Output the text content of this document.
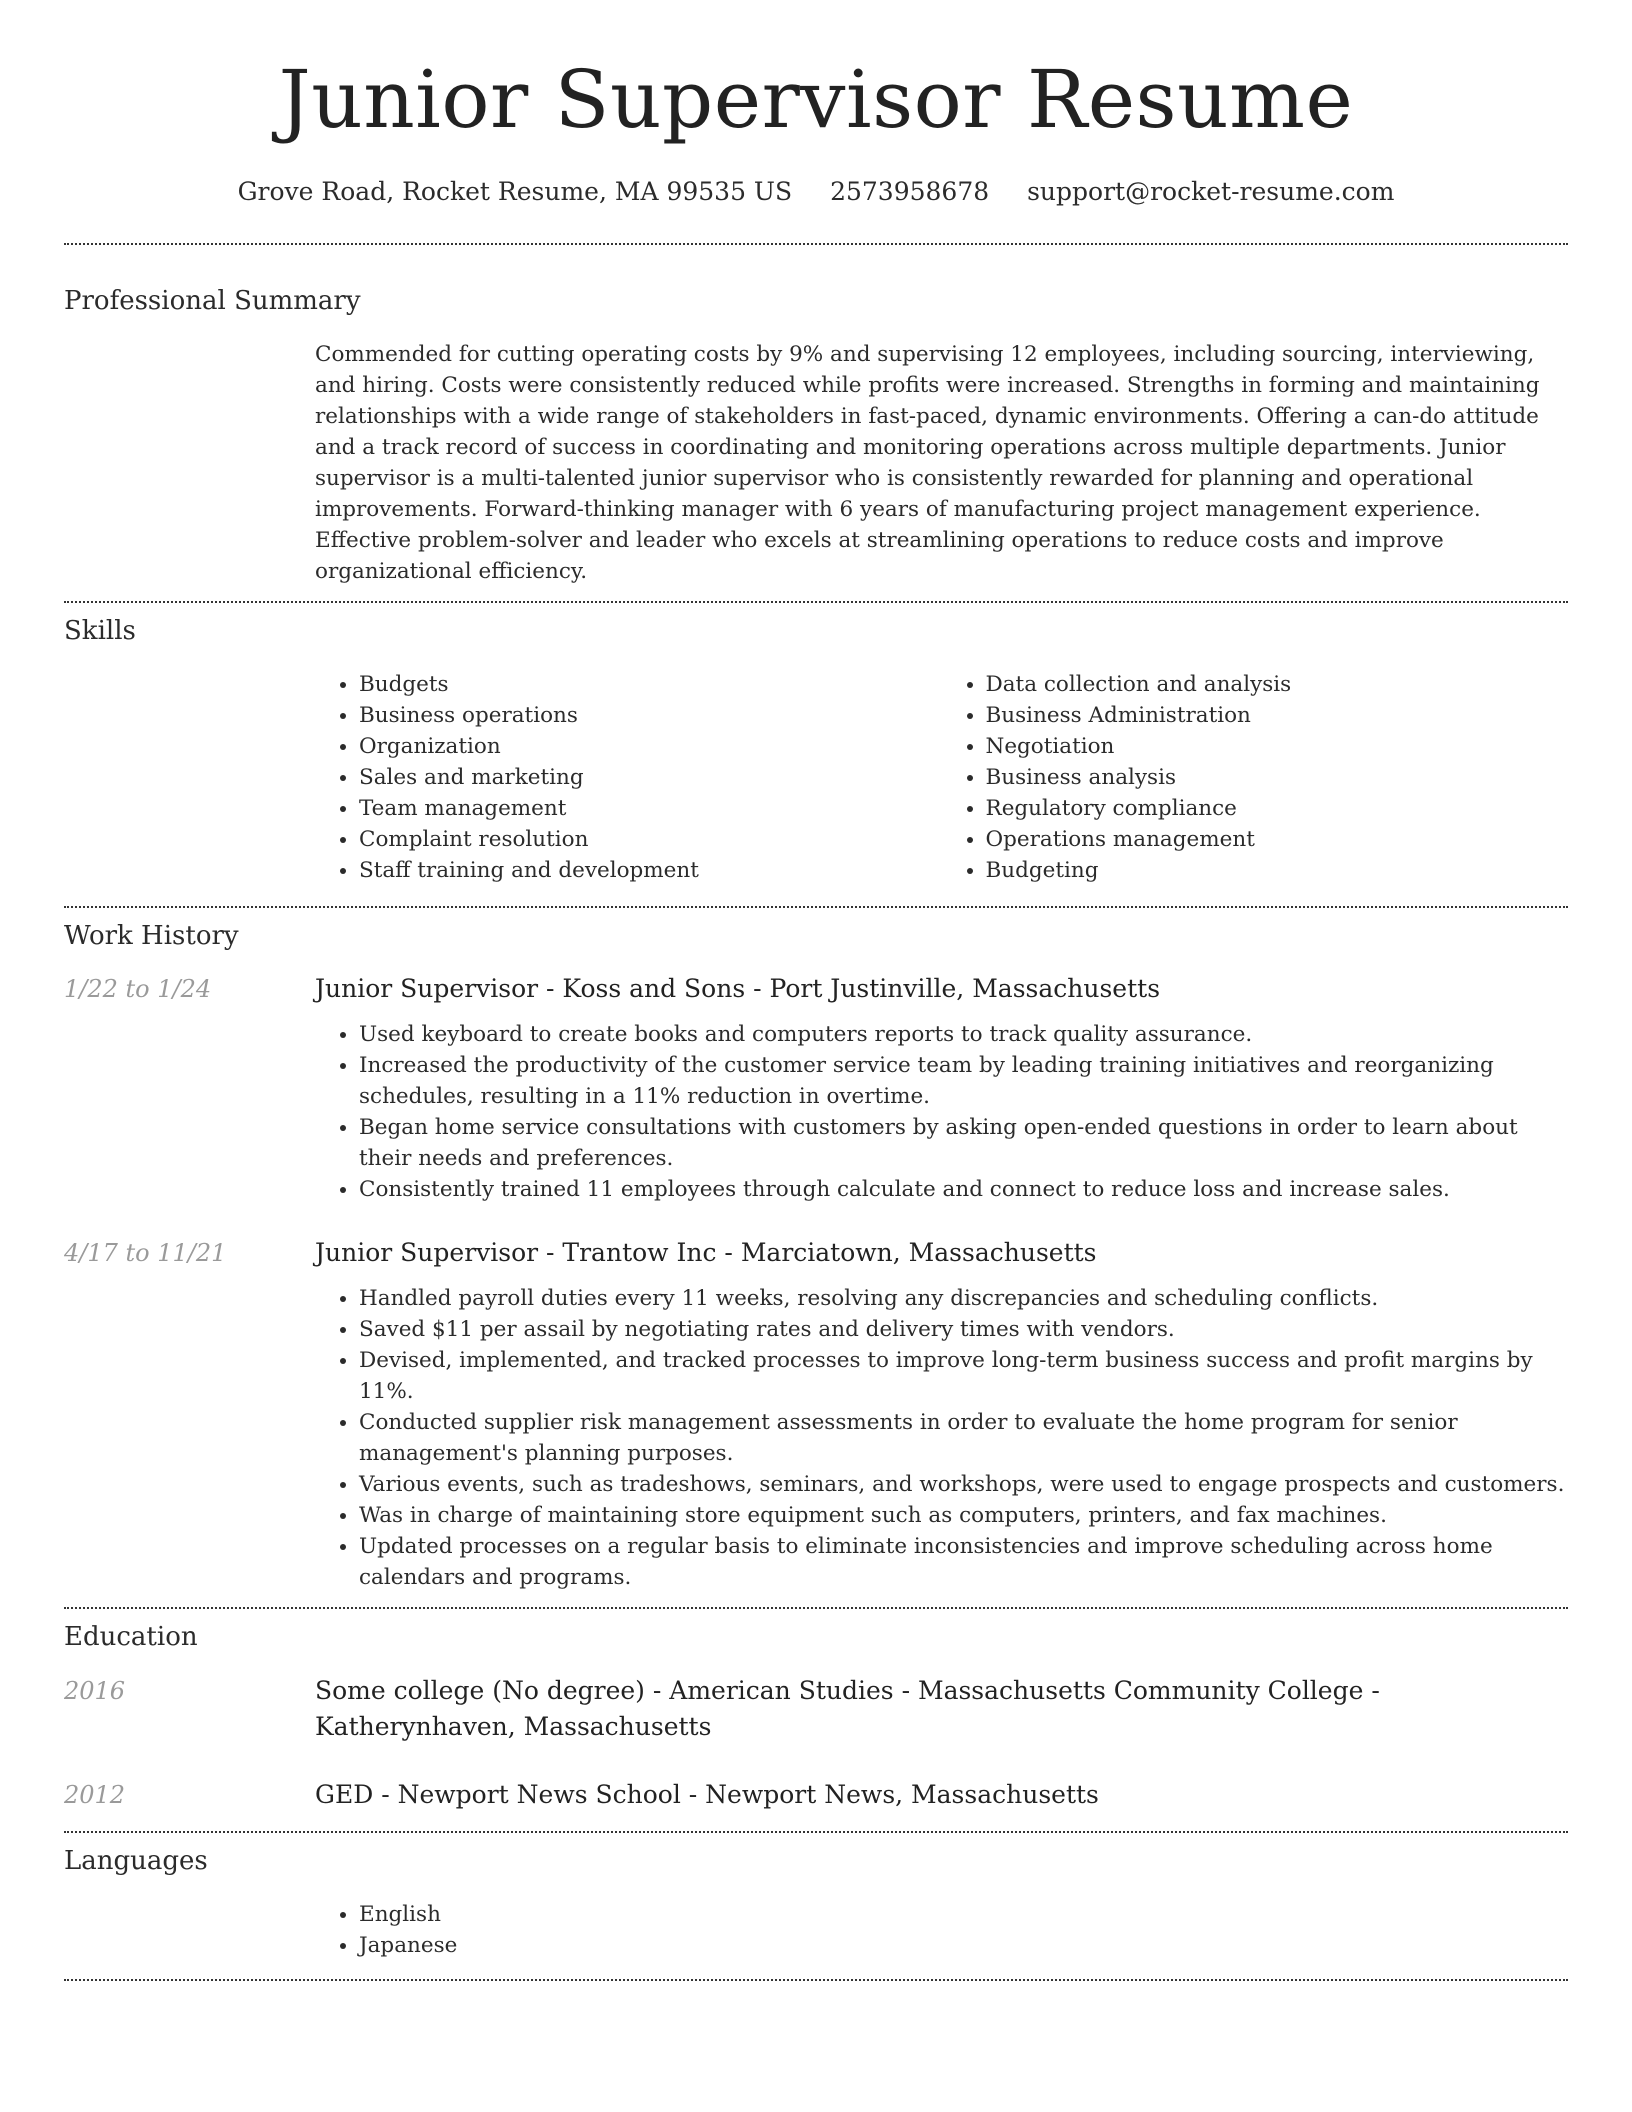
Junior Supervisor Resume
Grove Road, Rocket Resume, MA 99535 US 2573958678 support@rocket-resume.com
Professional Summary

Commended for cutting operating costs by 9% and supervising 12 employees, including sourcing, interviewing, and hiring. Costs were consistently reduced while profits were increased. Strengths in forming and maintaining relationships with a wide range of stakeholders in fast-paced, dynamic environments. Offering a can-do attitude and a track record of success in coordinating and monitoring operations across multiple departments. Junior supervisor is a multi-talented junior supervisor who is consistently rewarded for planning and operational improvements. Forward-thinking manager with 6 years of manufacturing project management experience. Effective problem-solver and leader who excels at streamlining operations to reduce costs and improve organizational efficiency.

Skills
• Budgets
• Business operations
• Organization
• Sales and marketing
• Team management
• Complaint resolution
• Staff training and development
• Data collection and analysis
• Business Administration
• Negotiation
• Business analysis
• Regulatory compliance
• Operations management
• Budgeting
Work History
1/22 to 1/24	Junior Supervisor - Koss and Sons - Port Justinville, Massachusetts
• Used keyboard to create books and computers reports to track quality assurance.
• Increased the productivity of the customer service team by leading training initiatives and reorganizing schedules, resulting in a 11% reduction in overtime.
• Began home service consultations with customers by asking open-ended questions in order to learn about their needs and preferences.
• Consistently trained 11 employees through calculate and connect to reduce loss and increase sales.
4/17 to 11/21	Junior Supervisor - Trantow Inc - Marciatown, Massachusetts
• Handled payroll duties every 11 weeks, resolving any discrepancies and scheduling conflicts.
• Saved $11 per assail by negotiating rates and delivery times with vendors.
• Devised, implemented, and tracked processes to improve long-term business success and profit margins by 11%.
• Conducted supplier risk management assessments in order to evaluate the home program for senior management's planning purposes.
• Various events, such as tradeshows, seminars, and workshops, were used to engage prospects and customers.
• Was in charge of maintaining store equipment such as computers, printers, and fax machines.
• Updated processes on a regular basis to eliminate inconsistencies and improve scheduling across home calendars and programs.
Education
2016	Some college (No degree) - American Studies - Massachusetts Community College - Katherynhaven, Massachusetts
2012	GED - Newport News School - Newport News, Massachusetts
Languages
• English
• Japanese
